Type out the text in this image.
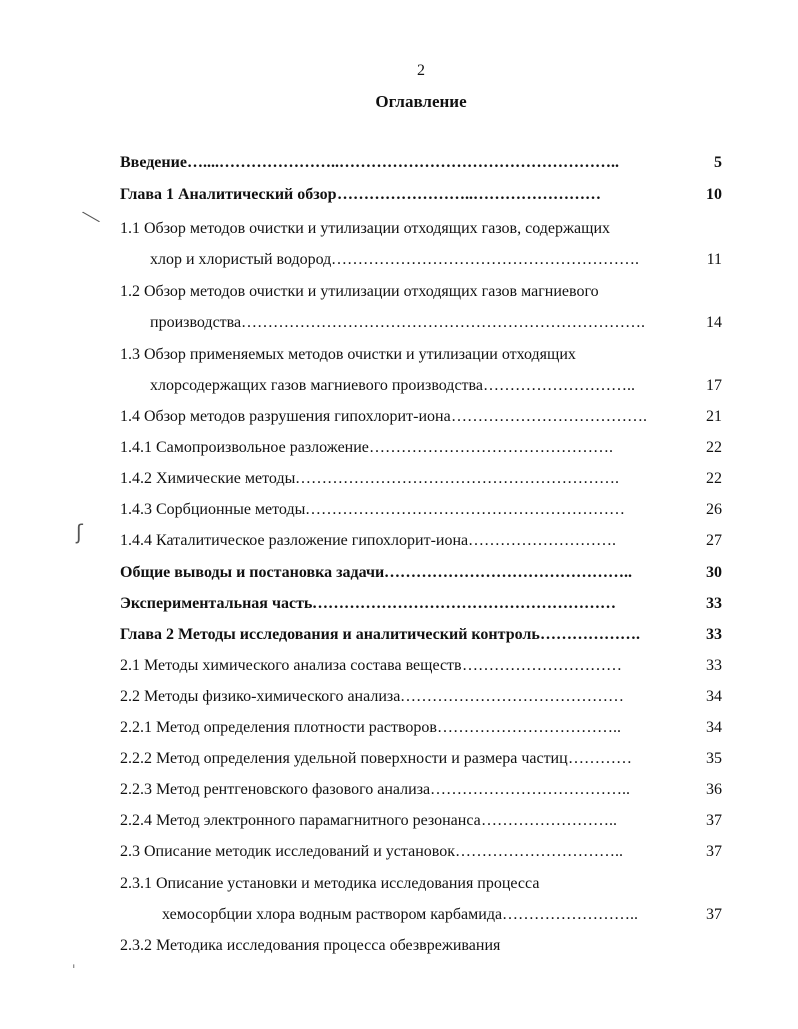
2
Оглавление
Введение …....…………………..……………………………………………..	5
Глава 1 Аналитический обзор ……………………..……………………	10
1.1 Обзор методов очистки и утилизации отходящих газов, содержащих
хлор и хлористый водород ………………………………………………….	11
1.2 Обзор методов очистки и утилизации отходящих газов магниевого
производства ………………………………………………………………….	14
1.3 Обзор применяемых методов очистки и утилизации отходящих
хлорсодержащих газов магниевого производства ………………………..	17
1.4 Обзор методов разрушения гипохлорит-иона ……………………………….	21
1.4.1 Самопроизвольное разложение ……………………………………….	22
1.4.2 Химические методы …………………………………………………….	22
1.4.3 Сорбционные методы ……………………………………………………	26
1.4.4 Каталитическое разложение гипохлорит-иона ……………………….	27
Общие выводы и постановка задачи ………………………………………..	30
Экспериментальная часть …………………………………………………	33
Глава 2 Методы исследования и аналитический контроль ……………….	33
2.1 Методы химического анализа состава веществ …………………………	33
2.2 Методы физико-химического анализа ……………………………………	34
2.2.1 Метод определения плотности растворов ……………………………..	34
2.2.2 Метод определения удельной поверхности и размера частиц …………	35
2.2.3 Метод рентгеновского фазового анализа ………………………………..	36
2.2.4 Метод электронного парамагнитного резонанса ……………………..	37
2.3 Описание методик исследований и установок …………………………..	37
2.3.1 Описание установки и методика исследования процесса
хемосорбции хлора водным раствором карбамида ……………………..	37
2.3.2 Методика исследования процесса обезвреживания
⟍
ʃ
ˌ
